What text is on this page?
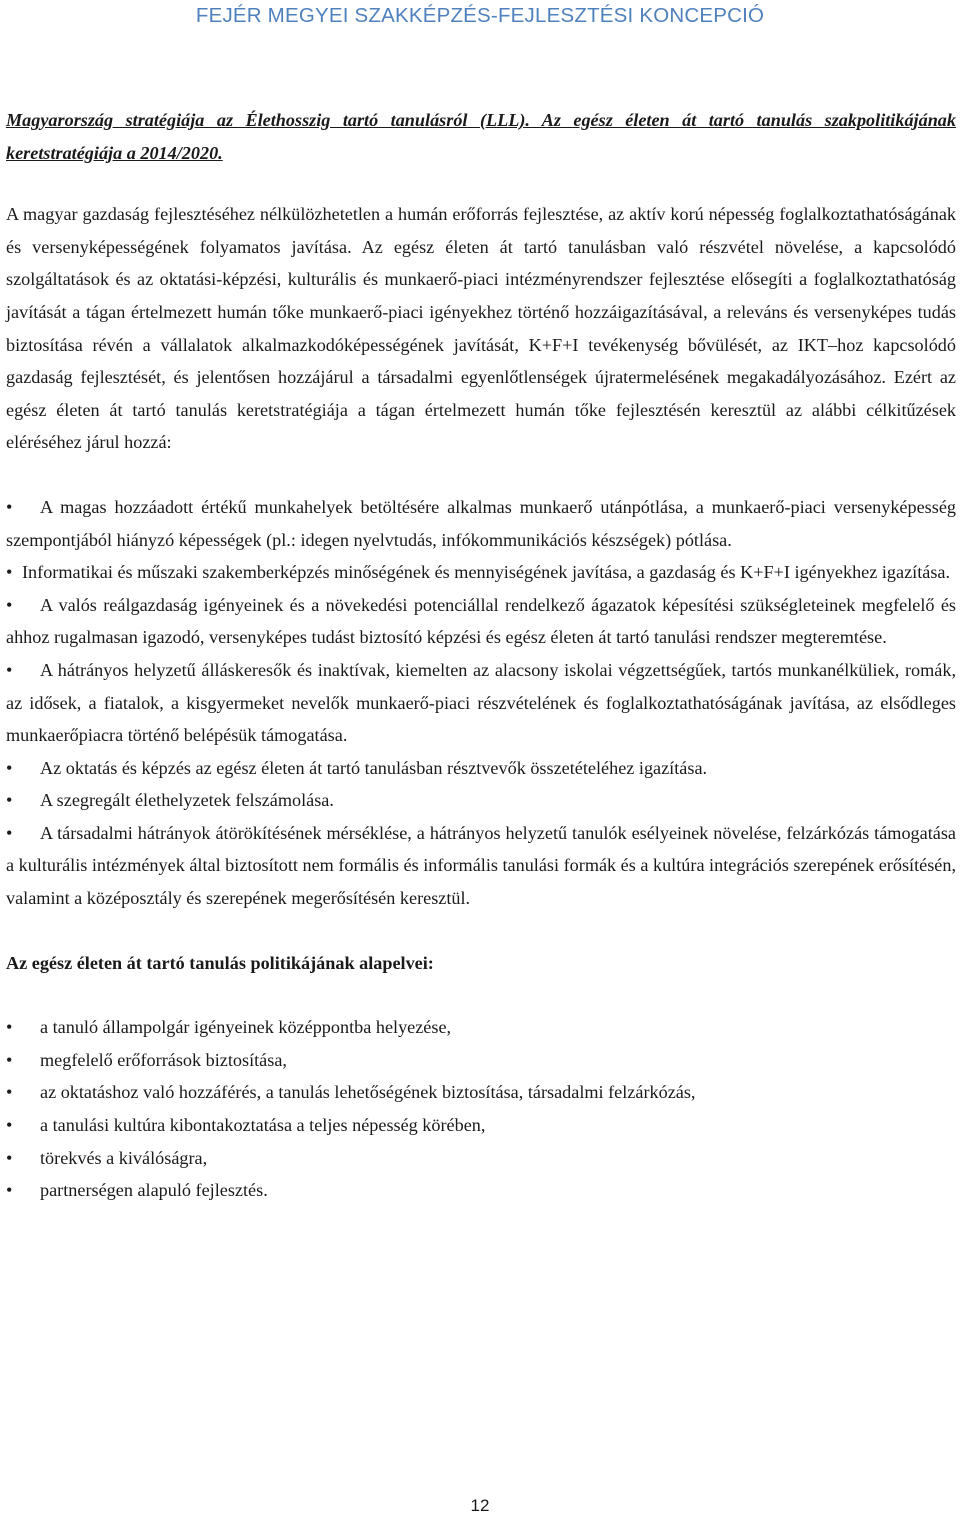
FEJÉR MEGYEI SZAKKÉPZÉS-FEJLESZTÉSI KONCEPCIÓ

Magyarország stratégiája az Élethosszig tartó tanulásról (LLL). Az egész életen át tartó tanulás szakpolitikájának keretstratégiája a 2014/2020.

A magyar gazdaság fejlesztéséhez nélkülözhetetlen a humán erőforrás fejlesztése, az aktív korú népesség foglalkoztathatóságának és versenyképességének folyamatos javítása. Az egész életen át tartó tanulásban való részvétel növelése, a kapcsolódó szolgáltatások és az oktatási-képzési, kulturális és munkaerő-piaci intézményrendszer fejlesztése elősegíti a foglalkoztathatóság javítását a tágan értelmezett humán tőke munkaerő-piaci igényekhez történő hozzáigazításával, a releváns és versenyképes tudás biztosítása révén a vállalatok alkalmazkodóképességének javítását, K+F+I tevékenység bővülését, az IKT–hoz kapcsolódó gazdaság fejlesztését, és jelentősen hozzájárul a társadalmi egyenlőtlenségek újratermelésének megakadályozásához. Ezért az egész életen át tartó tanulás keretstratégiája a tágan értelmezett humán tőke fejlesztésén keresztül az alábbi célkitűzések eléréséhez járul hozzá:

• A magas hozzáadott értékű munkahelyek betöltésére alkalmas munkaerő utánpótlása, a munkaerő-piaci versenyképesség szempontjából hiányzó képességek (pl.: idegen nyelvtudás, infókommunikációs készségek) pótlása.
• Informatikai és műszaki szakemberképzés minőségének és mennyiségének javítása, a gazdaság és K+F+I igényekhez igazítása.
• A valós reálgazdaság igényeinek és a növekedési potenciállal rendelkező ágazatok képesítési szükségleteinek megfelelő és ahhoz rugalmasan igazodó, versenyképes tudást biztosító képzési és egész életen át tartó tanulási rendszer megteremtése.
• A hátrányos helyzetű álláskeresők és inaktívak, kiemelten az alacsony iskolai végzettségűek, tartós munkanélküliek, romák, az idősek, a fiatalok, a kisgyermeket nevelők munkaerő-piaci részvételének és foglalkoztathatóságának javítása, az elsődleges munkaerőpiacra történő belépésük támogatása.
• Az oktatás és képzés az egész életen át tartó tanulásban résztvevők összetételéhez igazítása.
• A szegregált élethelyzetek felszámolása.
• A társadalmi hátrányok átörökítésének mérséklése, a hátrányos helyzetű tanulók esélyeinek növelése, felzárkózás támogatása a kulturális intézmények által biztosított nem formális és informális tanulási formák és a kultúra integrációs szerepének erősítésén, valamint a középosztály és szerepének megerősítésén keresztül.

Az egész életen át tartó tanulás politikájának alapelvei:

• a tanuló állampolgár igényeinek középpontba helyezése,
• megfelelő erőforrások biztosítása,
• az oktatáshoz való hozzáférés, a tanulás lehetőségének biztosítása, társadalmi felzárkózás,
• a tanulási kultúra kibontakoztatása a teljes népesség körében,
• törekvés a kiválóságra,
• partnerségen alapuló fejlesztés.
12
